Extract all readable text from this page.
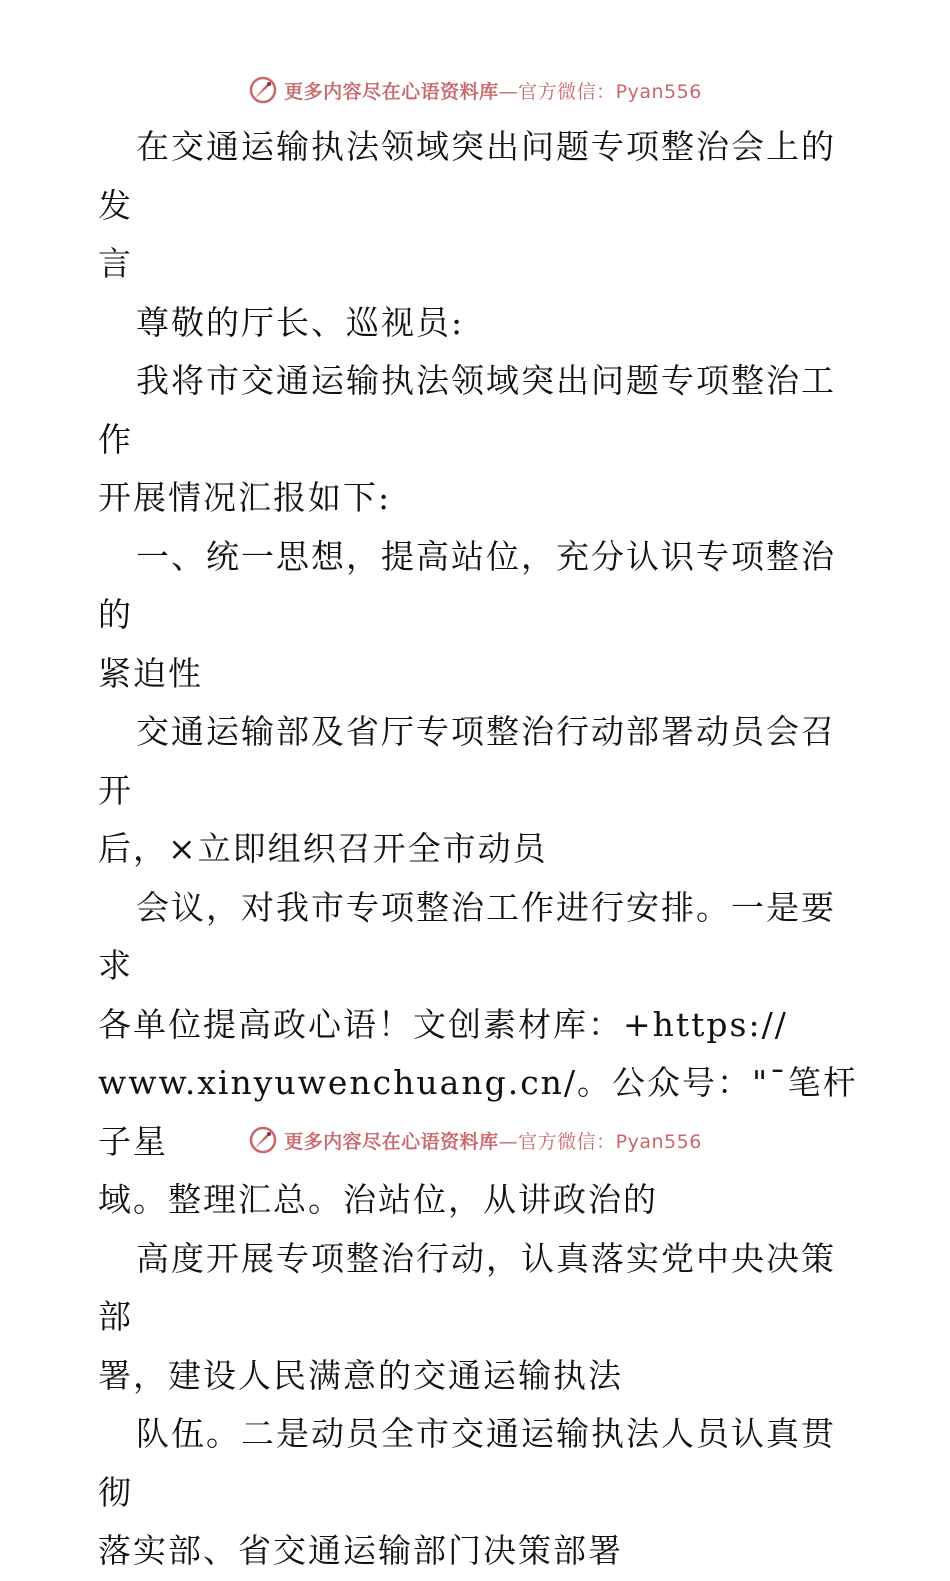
更多内容尽在心语资料库 —官方微信：Pyan556

在交通运输执法领域突出问题专项整治会上的发
言

尊敬的厅长、巡视员:

我将市交通运输执法领域突出问题专项整治工作
开展情况汇报如下:

一、统一思想，提高站位，充分认识专项整治的
紧迫性

交通运输部及省厅专项整治行动部署动员会召开
后，×立即组织召开全市动员

会议，对我市专项整治工作进行安排。一是要求
各单位提高政心语！文创素材库：+https://
www.xinyuwenchuang.cn/。公众号："¯笔杆子星
域。整理汇总。治站位，从讲政治的

高度开展专项整治行动，认真落实党中央决策部
署，建设人民满意的交通运输执法

队伍。二是动员全市交通运输执法人员认真贯彻
落实部、省交通运输部门决策部署

更多内容尽在心语资料库 —官方微信：Pyan556
